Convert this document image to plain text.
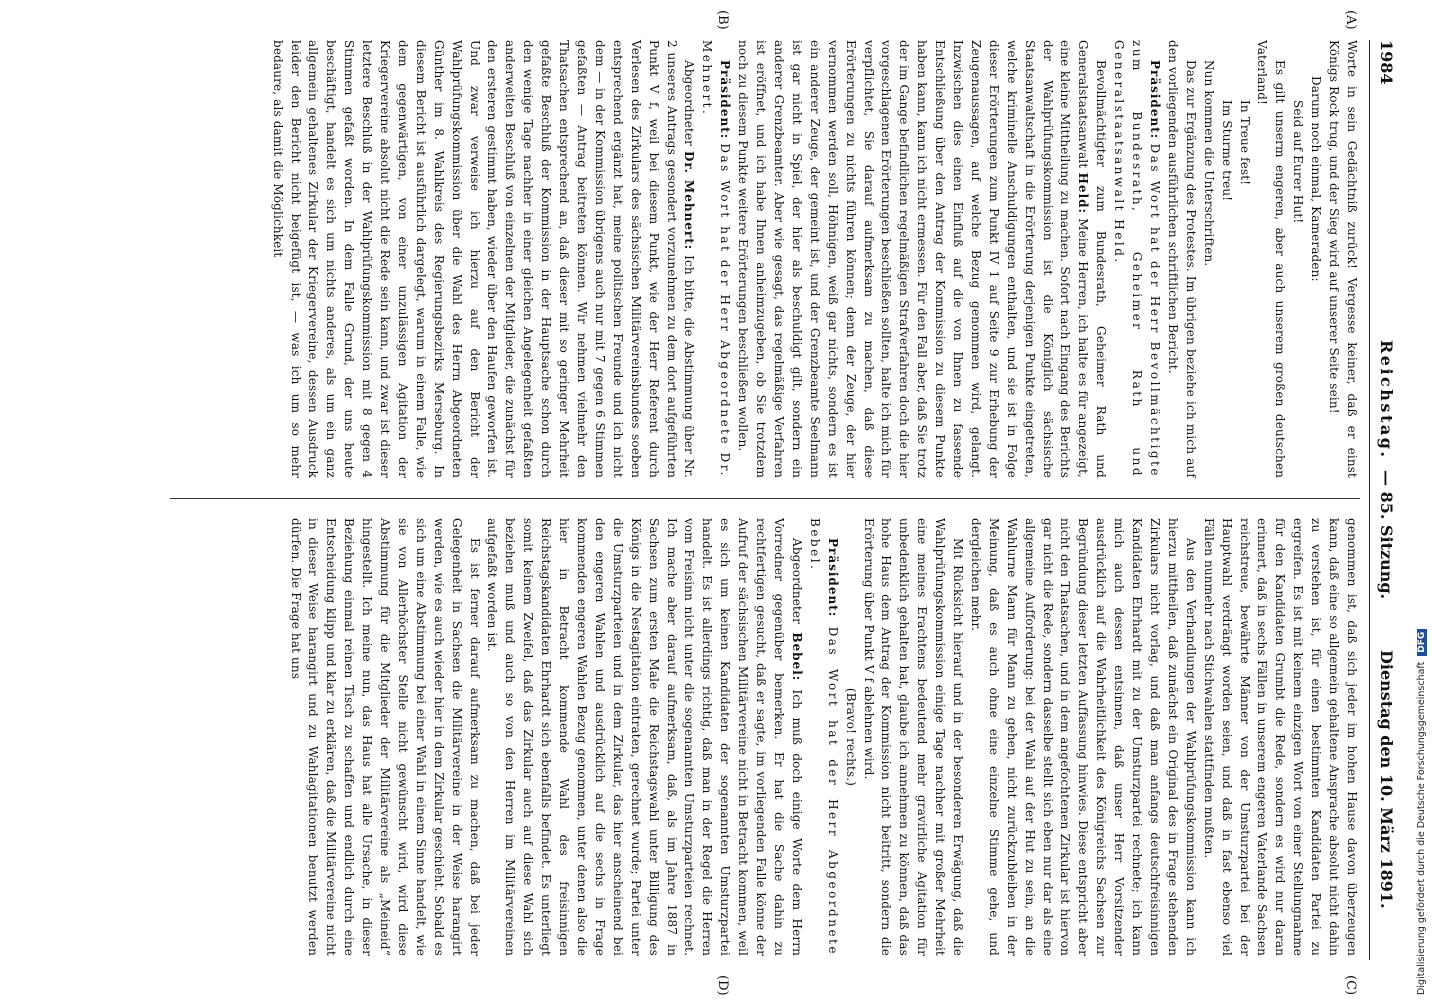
1984
Reichstag.
— 85. Sitzung.
Dienstag den 10. März 1891.
(A)
(B)
(C)
(D)

Worte in sein Gedächtniß zurück! Vergesse keiner, daß er einst Königs Rock trug, und der Sieg wird auf unserer Seite sein!

Darum noch einmal, Kameraden:

Seid auf Eurer Hut!

Es gilt unserm engeren, aber auch unserem großen deutschen Vaterland!

In Treue fest!

Im Sturme treu!

Nun kommen die Unterschriften.

Das zur Ergänzung des Protestes. Im übrigen beziehe ich mich auf den vorliegenden ausführlichen schriftlichen Bericht.

Präsident: Das Wort hat der Herr Bevollmächtigte zum Bundesrath, Geheimer Rath und Generalstaatsanwalt Held.

Bevollmächtigter zum Bundesrath, Geheimer Rath und Generalstaatsanwalt Held: Meine Herren, ich halte es für angezeigt, eine kleine Mittheilung zu machen. Sofort nach Eingang des Berichts der Wahlprüfungskommission ist die Königlich sächsische Staatsanwaltschaft in die Erörterung derjenigen Punkte eingetreten, welche kriminelle Anschuldigungen enthalten, und sie ist in Folge dieser Erörterungen zum Punkt IV 1 auf Seite 9 zur Erhebung der Zeugenaussagen, auf welche Bezug genommen wird, gelangt. Inzwischen dies einen Einfluß auf die von Ihnen zu fassende Entschließung über den Antrag der Kommission zu diesem Punkte haben kann, kann ich nicht ermessen. Für den Fall aber, daß Sie trotz der im Gange befindlichen regelmäßigen Strafverfahren doch die hier vorgeschlagenen Erörterungen beschließen sollten, halte ich mich für verpflichtet, Sie darauf aufmerksam zu machen, daß diese Erörterungen zu nichts führen können; denn der Zeuge, der hier vernommen werden soll, Höhnigen, weiß gar nichts, sondern es ist ein anderer Zeuge, der gemeint ist, und der Grenzbeamte Seelmann ist gar nicht in Spiel, der hier als beschuldigt gilt, sondern ein anderer Grenzbeamter. Aber wie gesagt, das regelmäßige Verfahren ist eröffnet, und ich habe Ihnen anheimzugeben, ob Sie trotzdem noch zu diesem Punkte weitere Erörterungen beschließen wollen.

Präsident: Das Wort hat der Herr Abgeordnete Dr. Mehnert.

Abgeordneter Dr. Mehnert: Ich bitte, die Abstimmung über Nr. 2 unseres Antrags gesondert vorzunehmen zu dem dort aufgeführten Punkt V f, weil bei diesem Punkt, wie der Herr Referent durch Verlesen des Zirkulars des sächsischen Militärvereinsbundes soeben entsprechend ergänzt hat, meine politischen Freunde und ich nicht dem — in der Kommission übrigens auch nur mit 7 gegen 6 Stimmen gefaßten — Antrag beitreten können. Wir nehmen vielmehr den Thatsachen entsprechend an, daß dieser mit so geringer Mehrheit gefaßte Beschluß der Kommission in der Hauptsache schon durch den wenige Tage nachher in einer gleichen Angelegenheit gefaßten anderweiten Beschluß von einzelnen der Mitglieder, die zunächst für den ersteren gestimmt haben, wieder über den Haufen geworfen ist. Und zwar verweise ich hierzu auf den Bericht der Wahlprüfungskommission über die Wahl des Herrn Abgeordneten Günther im 8. Wahlkreis des Regierungsbezirks Merseburg. In diesem Bericht ist ausführlich dargelegt, warum in einem Falle, wie dem gegenwärtigen, von einer unzulässigen Agitation der Kriegervereine absolut nicht die Rede sein kann, und zwar ist dieser letztere Beschluß in der Wahlprüfungskommission mit 8 gegen 4 Stimmen gefaßt worden. In dem Falle Grund, der uns heute beschäftigt, handelt es sich um nichts anderes, als um ein ganz allgemein gehaltenes Zirkular der Kriegervereine, dessen Ausdruck leider den Bericht nicht beigefügt ist, — was ich um so mehr bedaure, als damit die Möglichkeit

genommen ist, daß sich jeder im hohen Hause davon überzeugen kann, daß eine so allgemein gehaltene Ansprache absolut nicht dahin zu verstehen ist, für einen bestimmten Kandidaten Partei zu ergreifen. Es ist mit keinem einzigen Wort von einer Stellungnahme für den Kandidaten Grumbt die Rede, sondern es wird nur daran erinnert, daß in sechs Fällen in unserem engeren Vaterlande Sachsen reichstreue, bewährte Männer von der Umsturzpartei bei der Hauptwahl verdrängt worden seien, und daß in fast ebenso viel Fällen nunmehr nach Stichwahlen stattfinden mußten.

Aus den Verhandlungen der Wahlprüfungskommission kann ich hierzu mittheilen, daß zunächst ein Original des in Frage stehenden Zirkulars nicht vorlag, und daß man anfangs deutschfreisinnigen Kandidaten Ehrhardt mit zu der Umsturzpartei rechnete; ich kann mich auch dessen entsinnen, daß unser Herr Vorsitzender ausdrücklich auf die Wahrheitlichkeit des Königreichs Sachsen zur Begründung dieser letzten Auffassung hinwies. Diese entspricht aber nicht den Thatsachen, und in dem angefochtenen Zirkular ist hiervon gar nicht die Rede, sondern dasselbe stellt sich eben nur dar als eine allgemeine Aufforderung: bei der Wahl auf der Hut zu sein, an die Wahlurne Mann für Mann zu gehen, nicht zurückzubleiben in der Meinung, daß es auch ohne eine einzelne Stimme gehe, und dergleichen mehr.

Mit Rücksicht hierauf und in der besonderen Erwägung, daß die Wahlprüfungskommission einige Tage nachher mit großer Mehrheit eine meines Erachtens bedeutend mehr gravirliche Agitation für unbedenklich gehalten hat, glaube ich annehmen zu können, daß das hohe Haus dem Antrag der Kommission nicht beitritt, sondern die Erörterung über Punkt V f ablehnen wird.

(Bravo! rechts.)

Präsident: Das Wort hat der Herr Abgeordnete Bebel.

Abgeordneter Bebel: Ich muß doch einige Worte dem Herrn Vorredner gegenüber bemerken. Er hat die Sache dahin zu rechtfertigen gesucht, daß er sagte, im vorliegenden Falle könne der Aufruf der sächsischen Militärvereine nicht in Betracht kommen, weil es sich um keinen Kandidaten der sogenannten Umsturzpartei handelt. Es ist allerdings richtig, daß man in der Regel die Herren vom Freisinn nicht unter die sogenannten Umsturzparteien rechnet. Ich mache aber darauf aufmerksam, daß, als im Jahre 1887 in Sachsen zum ersten Male die Reichstagswahl unter Billigung des Königs in die Nestagitation eintraten, gerechnet wurde; Partei unter die Umsturzparteien und in dem Zirkular, das hier anscheinend bei den engeren Wahlen und ausdrücklich auf die sechs in Frage kommenden engeren Wahlen Bezug genommen, unter denen also die hier in Betracht kommende Wahl des freisinnigen Reichstagskandidaten Ehrhardt sich ebenfalls befindet. Es unterliegt somit keinem Zweifel, daß das Zirkular auch auf diese Wahl sich beziehen muß und auch so von den Herren im Militärvereinen aufgefaßt worden ist.

Es ist ferner darauf aufmerksam zu machen, daß bei jeder Gelegenheit in Sachsen die Militärvereine in der Weise harangirt werden, wie es auch wieder hier in dem Zirkular geschieht. Sobald es sich um eine Abstimmung bei einer Wahl in einem Sinne handelt, wie sie von Allerhöchster Stelle nicht gewünscht wird, wird diese Abstimmung für die Mitglieder der Militärvereine als „Meineid“ hingestellt. Ich meine nun, das Haus hat alle Ursache, in dieser Beziehung einmal reinen Tisch zu schaffen und endlich durch eine Entscheidung klipp und klar zu erklären, daß die Militärvereine nicht in dieser Weise harangirt und zu Wahlagitationen benutzt werden dürfen. Die Frage hat uns

Digitalisierung gefördert durch die Deutsche ForschungsgemeinschaftDFG
